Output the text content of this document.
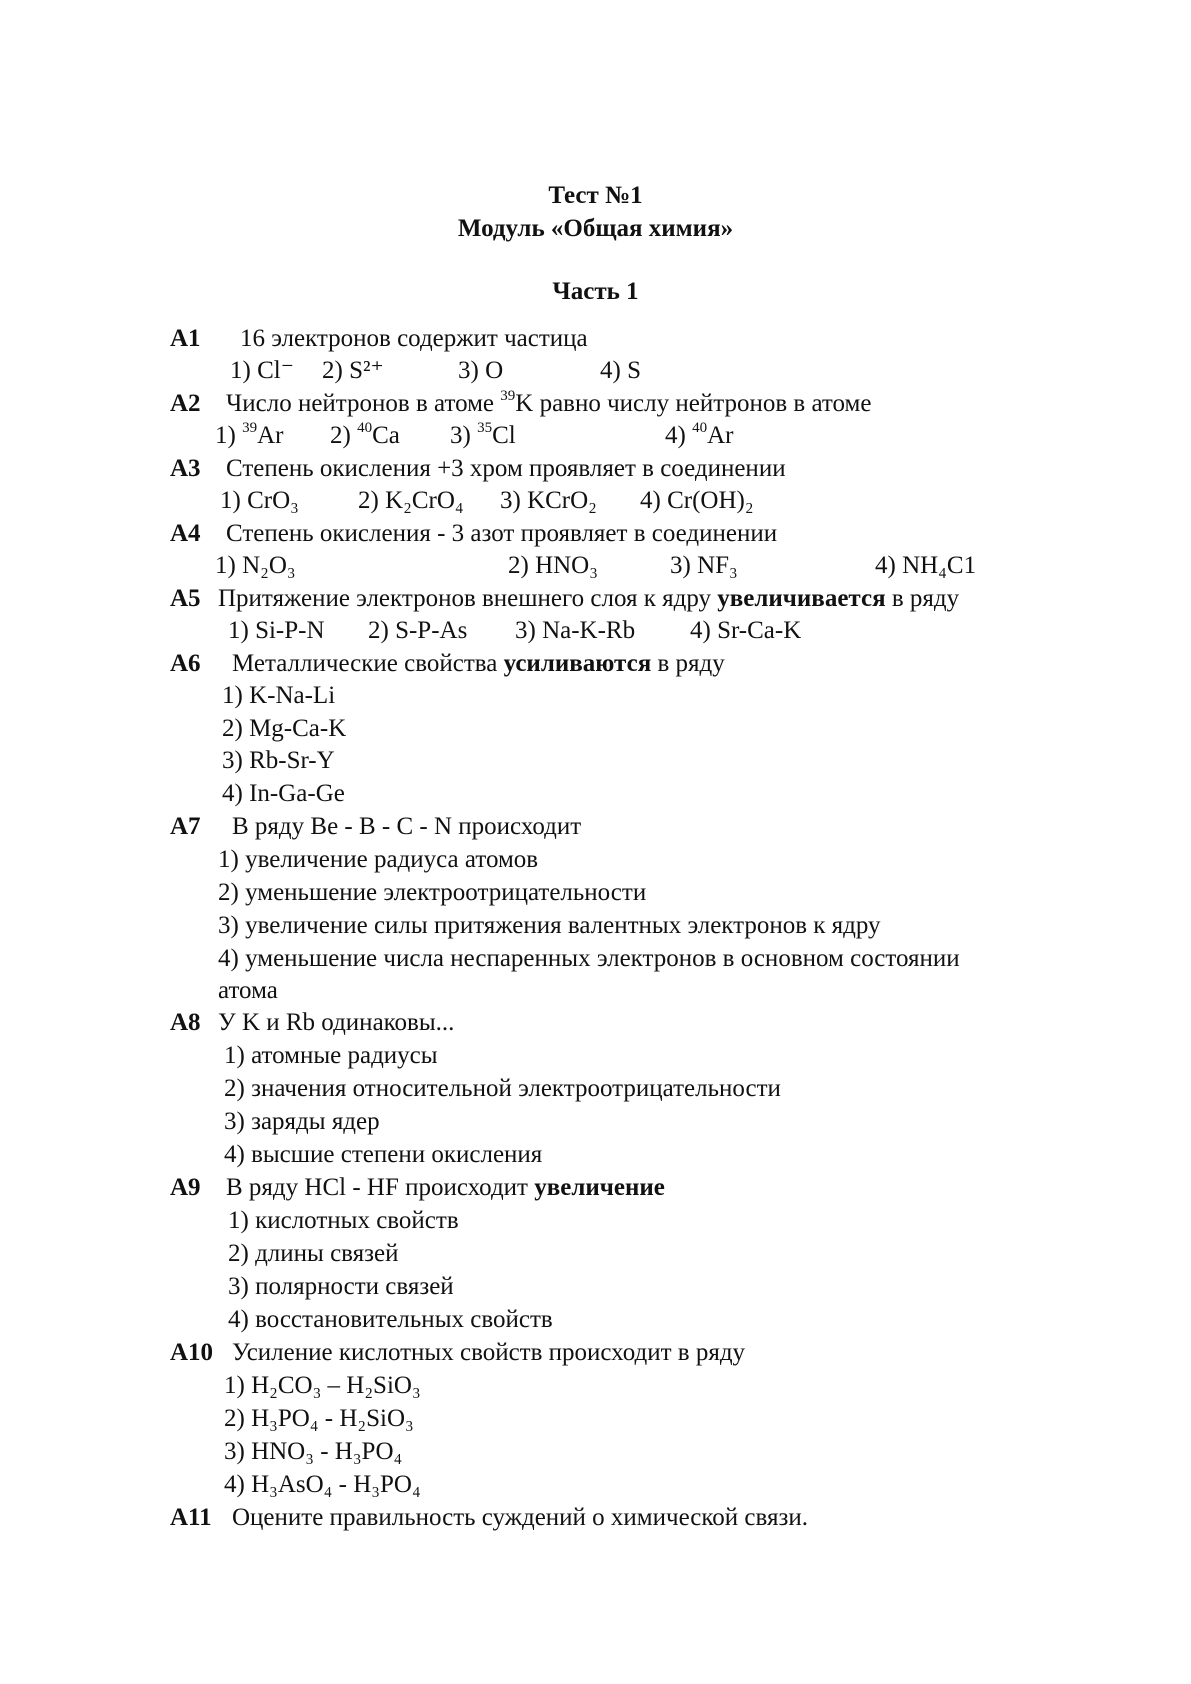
Тест №1
Модуль «Общая химия»
Часть 1
A1 16 электронов содержит частица
1) Cl⁻ 2) S²⁺	3) O	4) S
A2 Число нейтронов в атоме $^{39}$K равно числу нейтронов в атоме
1) $^{39}$Ar 2) $^{40}$Ca 3) $^{35}$Cl	4) $^{40}$Ar
A3 Степень окисления +3 хром проявляет в соединении
1) CrO₃ 2) K₂CrO₄ 3) KCrO₂ 4) Cr(OH)₂
A4 Степень окисления - 3 азот проявляет в соединении
1) N₂O₃	2) HNO₃	3) NF₃	4) NH₄C1
A5 Притяжение электронов внешнего слоя к ядру увеличивается в ряду
1) Si-P-N 2) S-P-As 3) Na-K-Rb 4) Sr-Ca-K
A6 Металлические свойства усиливаются в ряду
1) K-Na-Li
2) Mg-Ca-K
3) Rb-Sr-Y
4) In-Ga-Ge
A7 В ряду Be - B - C - N происходит
1) увеличение радиуса атомов
2) уменьшение электроотрицательности
3) увеличение силы притяжения валентных электронов к ядру
4) уменьшение числа неспаренных электронов в основном состоянии
атома
A8 У K и Rb одинаковы...
1) атомные радиусы
2) значения относительной электроотрицательности
3) заряды ядер
4) высшие степени окисления
A9 В ряду HCl - HF происходит увеличение
1) кислотных свойств
2) длины связей
3) полярности связей
4) восстановительных свойств
A10 Усиление кислотных свойств происходит в ряду
1) H₂CO₃ – H₂SiO₃
2) H₃PO₄ - H₂SiO₃
3) HNO₃ - H₃PO₄
4) H₃AsO₄ - H₃PO₄
A11 Оцените правильность суждений о химической связи.
